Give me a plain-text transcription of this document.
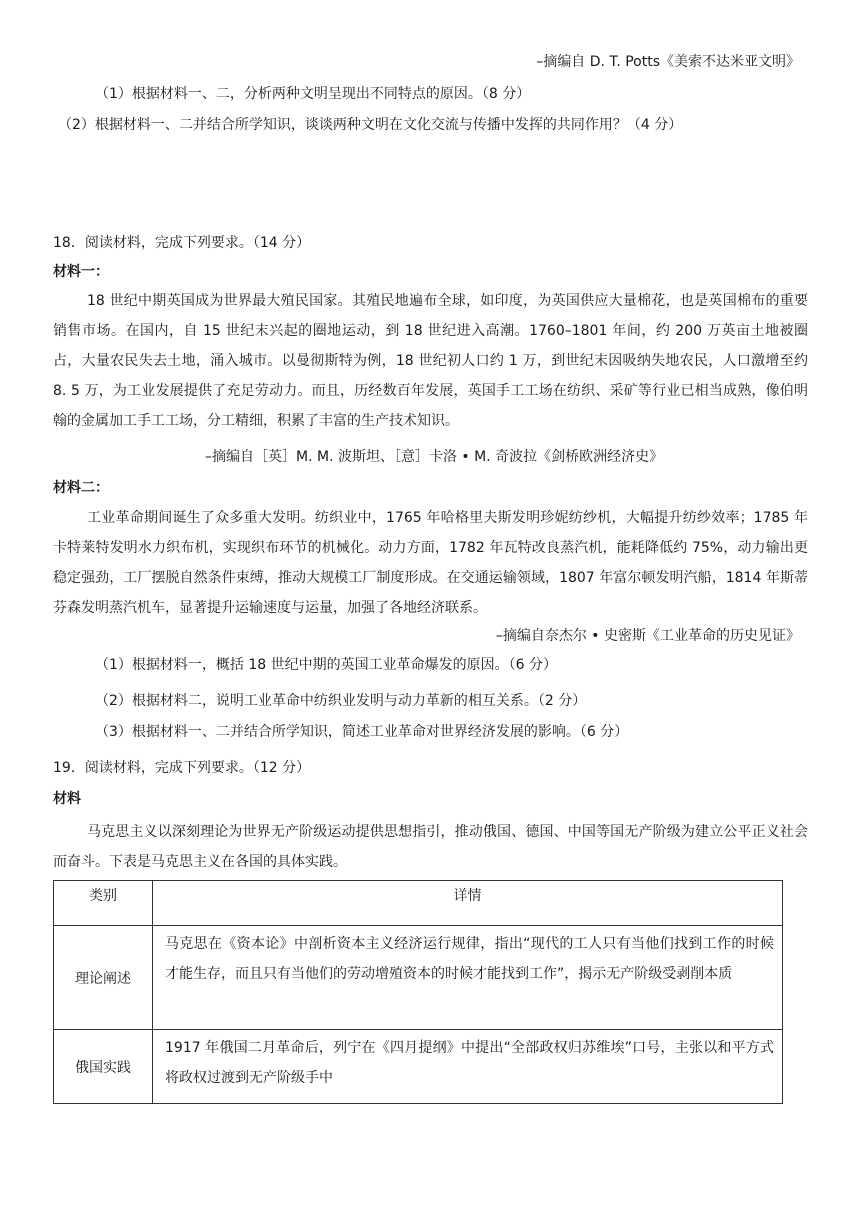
–摘编自 D. T. Potts《美索不达米亚文明》
（1）根据材料一、二，分析两种文明呈现出不同特点的原因。（8 分）
（2）根据材料一、二并结合所学知识，谈谈两种文明在文化交流与传播中发挥的共同作用？（4 分）
18．阅读材料，完成下列要求。（14 分）
材料一：
18 世纪中期英国成为世界最大殖民国家。其殖民地遍布全球，如印度，为英国供应大量棉花，也是英国棉布的重要销售市场。在国内，自 15 世纪末兴起的圈地运动，到 18 世纪进入高潮。1760–1801 年间，约 200 万英亩土地被圈占，大量农民失去土地，涌入城市。以曼彻斯特为例，18 世纪初人口约 1 万，到世纪末因吸纳失地农民，人口激增至约 8. 5 万，为工业发展提供了充足劳动力。而且，历经数百年发展，英国手工工场在纺织、采矿等行业已相当成熟，像伯明翰的金属加工手工工场，分工精细，积累了丰富的生产技术知识。
–摘编自［英］M. M. 波斯坦、［意］卡洛 • M. 奇波拉《剑桥欧洲经济史》
材料二：
工业革命期间诞生了众多重大发明。纺织业中，1765 年哈格里夫斯发明珍妮纺纱机，大幅提升纺纱效率；1785 年卡特莱特发明水力织布机，实现织布环节的机械化。动力方面，1782 年瓦特改良蒸汽机，能耗降低约 75%，动力输出更稳定强劲，工厂摆脱自然条件束缚，推动大规模工厂制度形成。在交通运输领域，1807 年富尔顿发明汽船，1814 年斯蒂芬森发明蒸汽机车，显著提升运输速度与运量，加强了各地经济联系。
–摘编自奈杰尔 • 史密斯《工业革命的历史见证》
（1）根据材料一，概括 18 世纪中期的英国工业革命爆发的原因。（6 分）
（2）根据材料二，说明工业革命中纺织业发明与动力革新的相互关系。（2 分）
（3）根据材料一、二并结合所学知识，简述工业革命对世界经济发展的影响。（6 分）
19．阅读材料，完成下列要求。（12 分）
材料
马克思主义以深刻理论为世界无产阶级运动提供思想指引，推动俄国、德国、中国等国无产阶级为建立公平正义社会而奋斗。下表是马克思主义在各国的具体实践。
类别	详情
理论阐述	马克思在《资本论》中剖析资本主义经济运行规律，指出“现代的工人只有当他们找到工作的时候才能生存，而且只有当他们的劳动增殖资本的时候才能找到工作”，揭示无产阶级受剥削本质
俄国实践	1917 年俄国二月革命后，列宁在《四月提纲》中提出“全部政权归苏维埃”口号，主张以和平方式将政权过渡到无产阶级手中
